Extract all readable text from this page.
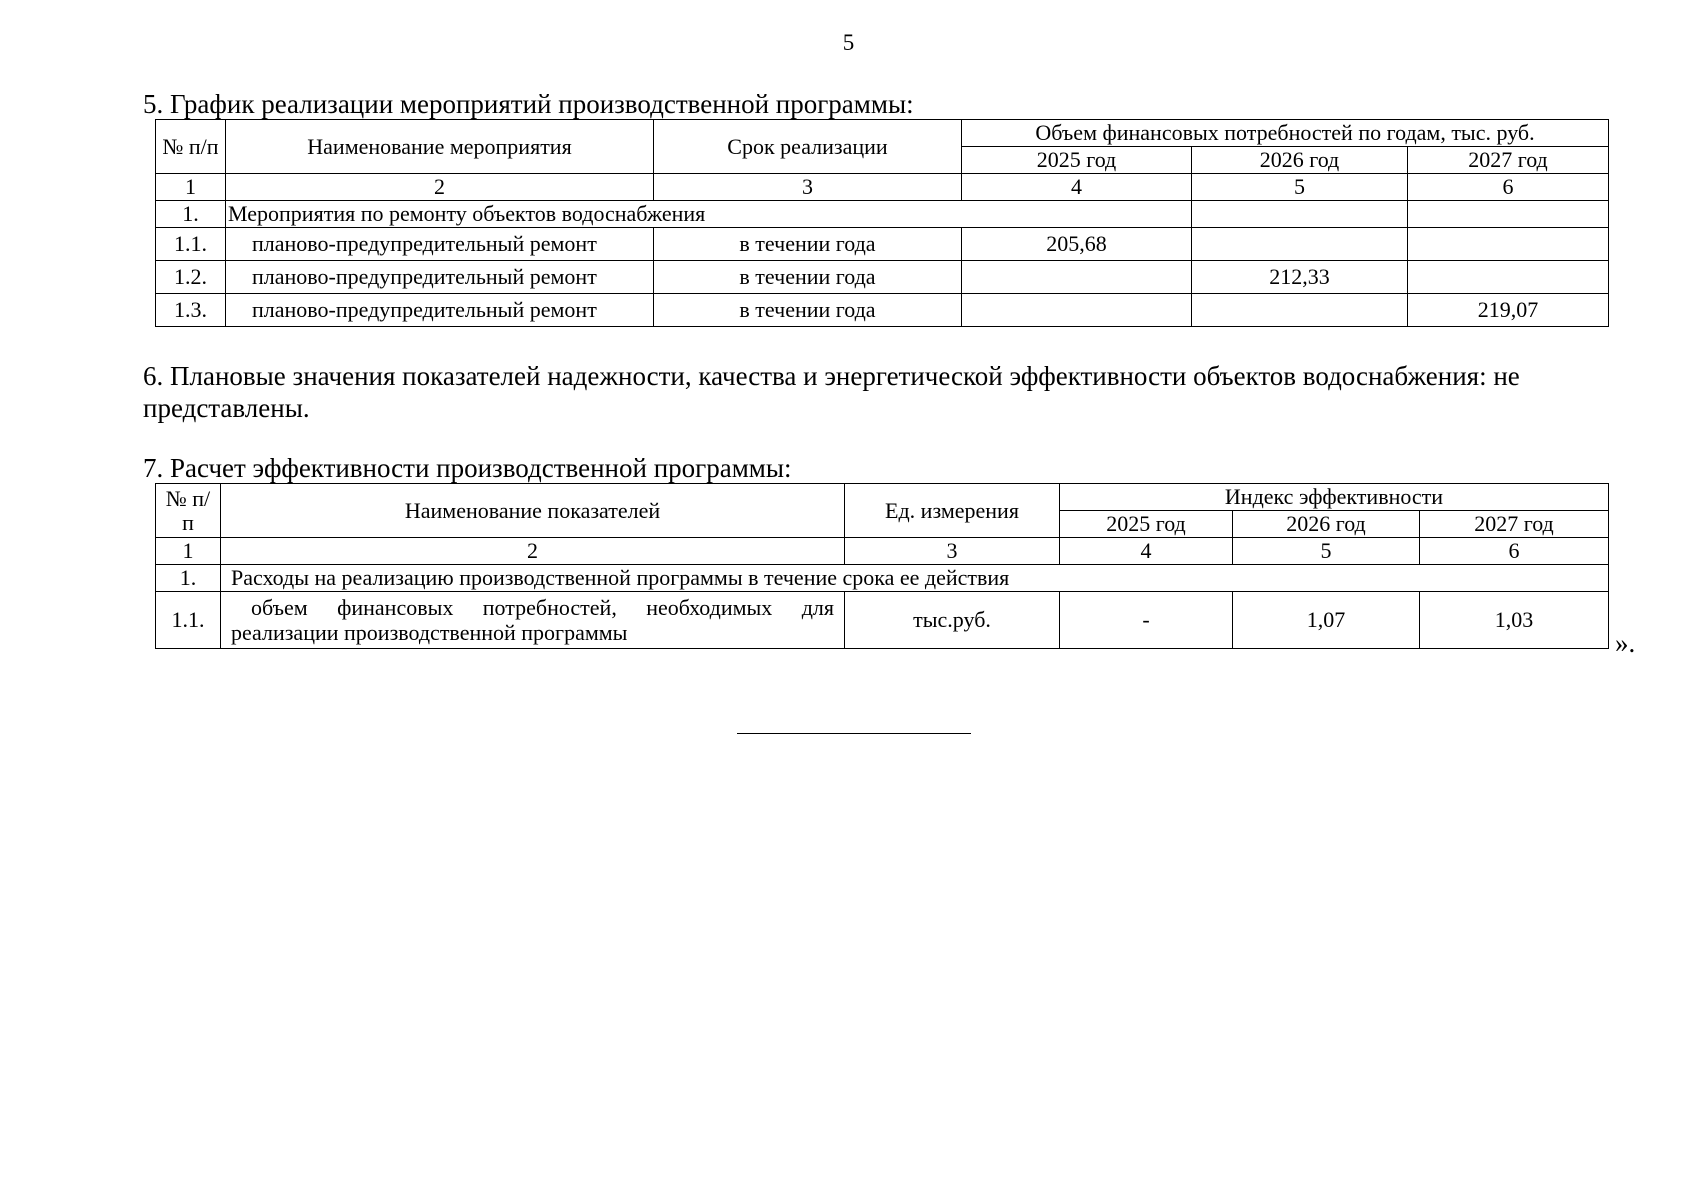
5
5. График реализации мероприятий производственной программы:
№ п/п	Наименование мероприятия	Срок реализации	Объем финансовых потребностей по годам, тыс. руб.		
			2025 год	2026 год	2027 год
1	2	3	4	5	6
1.	Мероприятия по ремонту объектов водоснабжения				
1.1.	планово-предупредительный ремонт	в течении года	205,68		
1.2.	планово-предупредительный ремонт	в течении года		212,33	
1.3.	планово-предупредительный ремонт	в течении года			219,07

6. Плановые значения показателей надежности, качества и энергетической эффективности объектов водоснабжения: не представлены.

7. Расчет эффективности производственной программы:
№ п/п	Наименование показателей	Ед. измерения	Индекс эффективности		
			2025 год	2026 год	2027 год
1	2	3	4	5	6
1.	Расходы на реализацию производственной программы в течение срока ее действия				
1.1.	объем финансовых потребностей, необходимых для реализации производственной программы	тыс.руб.	-	1,07	1,03
».
